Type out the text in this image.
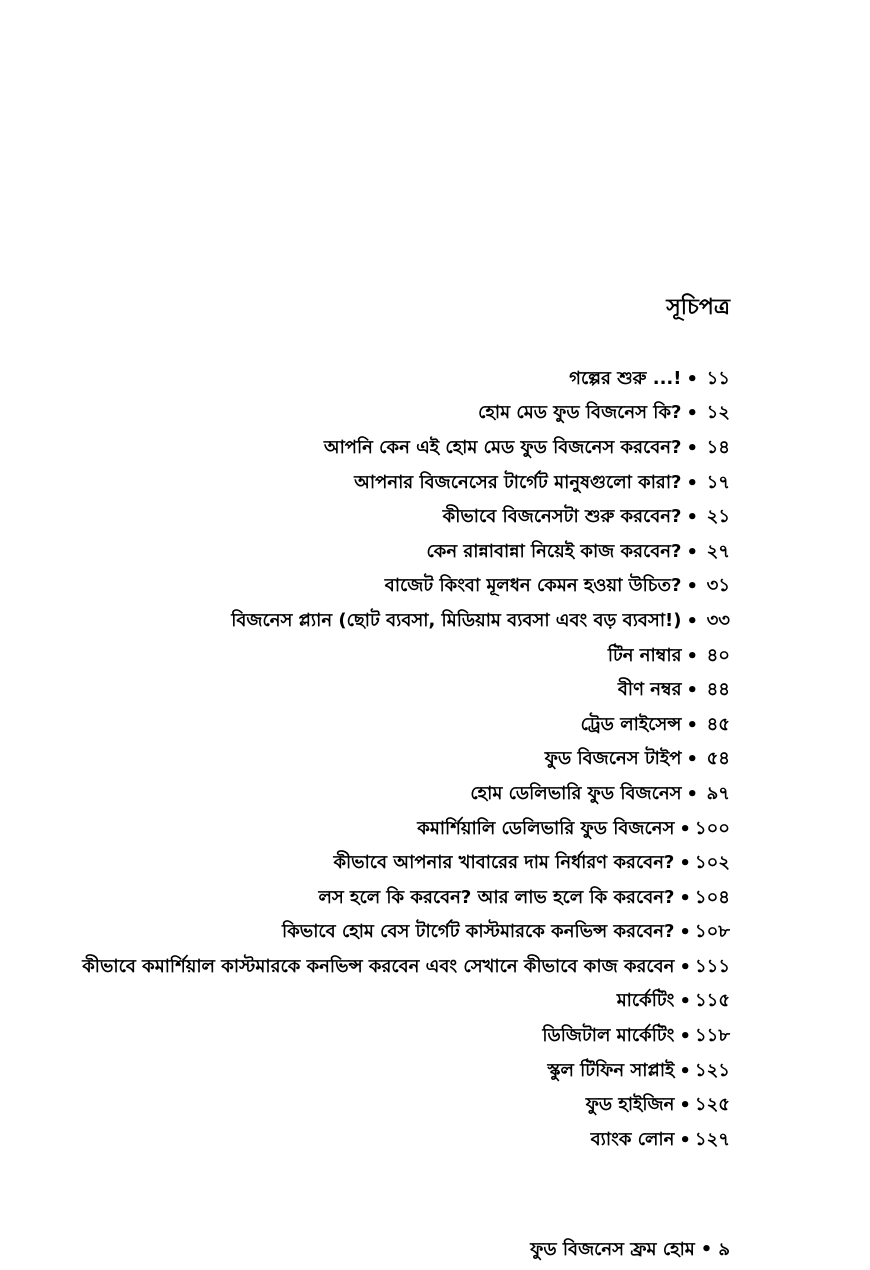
সূচিপত্র
গল্পের শুরু ...! • ১১
হোম মেড ফুড বিজনেস কি? • ১২
আপনি কেন এই হোম মেড ফুড বিজনেস করবেন? • ১৪
আপনার বিজনেসের টার্গেট মানুষগুলো কারা? • ১৭
কীভাবে বিজনেসটা শুরু করবেন? • ২১
কেন রান্নাবান্না নিয়েই কাজ করবেন? • ২৭
বাজেট কিংবা মূলধন কেমন হওয়া উচিত? • ৩১
বিজনেস প্ল্যান (ছোট ব্যবসা, মিডিয়াম ব্যবসা এবং বড় ব্যবসা!) • ৩৩
টিন নাম্বার • ৪০
বীণ নম্বর • ৪৪
ট্রেড লাইসেন্স • ৪৫
ফুড বিজনেস টাইপ • ৫৪
হোম ডেলিভারি ফুড বিজনেস • ৯৭
কমার্শিয়ালি ডেলিভারি ফুড বিজনেস • ১০০
কীভাবে আপনার খাবারের দাম নির্ধারণ করবেন? • ১০২
লস হলে কি করবেন? আর লাভ হলে কি করবেন? • ১০৪
কিভাবে হোম বেস টার্গেট কাস্টমারকে কনভিন্স করবেন? • ১০৮
কীভাবে কমার্শিয়াল কাস্টমারকে কনভিন্স করবেন এবং সেখানে কীভাবে কাজ করবেন • ১১১
মার্কেটিং • ১১৫
ডিজিটাল মার্কেটিং • ১১৮
স্কুল টিফিন সাপ্লাই • ১২১
ফুড হাইজিন • ১২৫
ব্যাংক লোন • ১২৭
ফুড বিজনেস ফ্রম হোম • ৯
